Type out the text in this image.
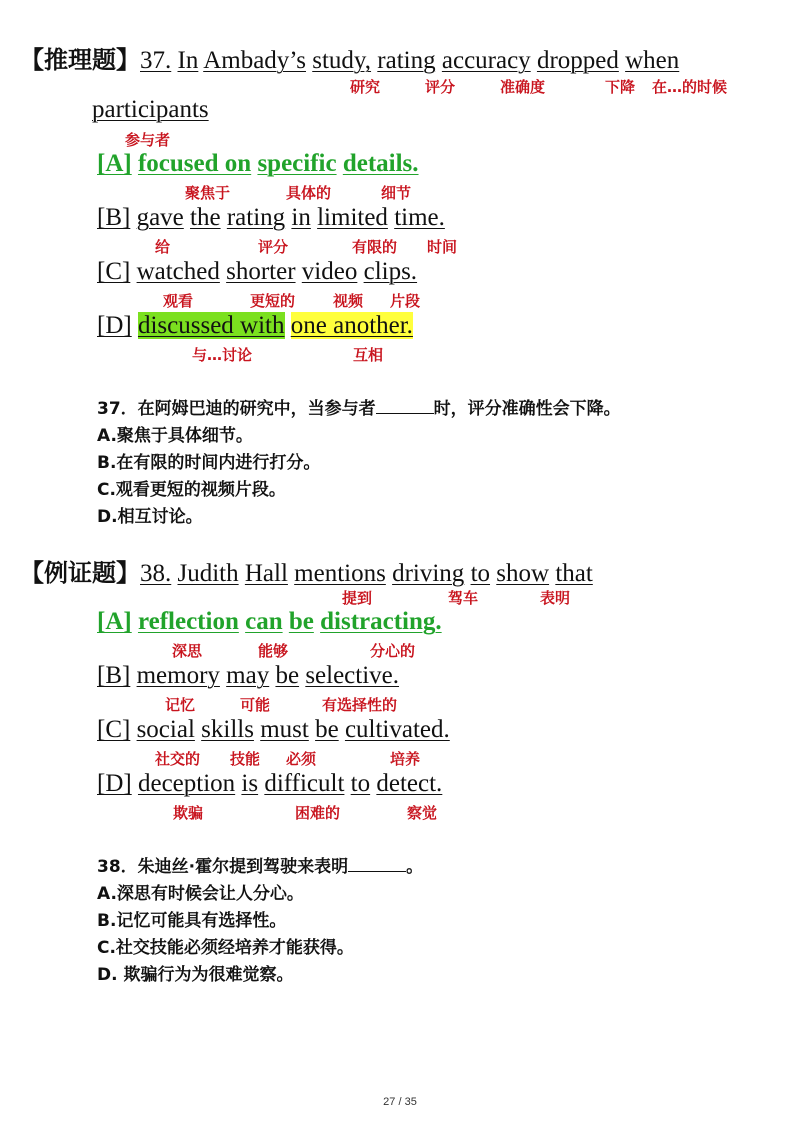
【推理题】37. In Ambady’s study, rating accuracy dropped when
研究	评分	准确度	下降 在…的时候
participants
参与者
[A] focused on specific details.
聚焦于	具体的	细节
[B] gave the rating in limited time.
给	评分	有限的 时间
[C] watched shorter video clips.
观看	更短的	视频 片段
[D] discussed with one another.
与…讨论	互相
37．在阿姆巴迪的研究中，当参与者	时，评分准确性会下降。
A.聚焦于具体细节。
B.在有限的时间内进行打分。
C.观看更短的视频片段。
D.相互讨论。
【例证题】38. Judith Hall mentions driving to show that
提到	驾车	表明
[A] reflection can be distracting.
深思	能够	分心的
[B] memory may be selective.
记忆	可能	有选择性的
[C] social skills must be cultivated.
社交的 技能 必须	培养
[D] deception is difficult to detect.
欺骗	困难的	察觉
38．朱迪丝·霍尔提到驾驶来表明	。
A.深思有时候会让人分心。
B.记忆可能具有选择性。
C.社交技能必须经培养才能获得。
D. 欺骗行为为很难觉察。
27 / 35
